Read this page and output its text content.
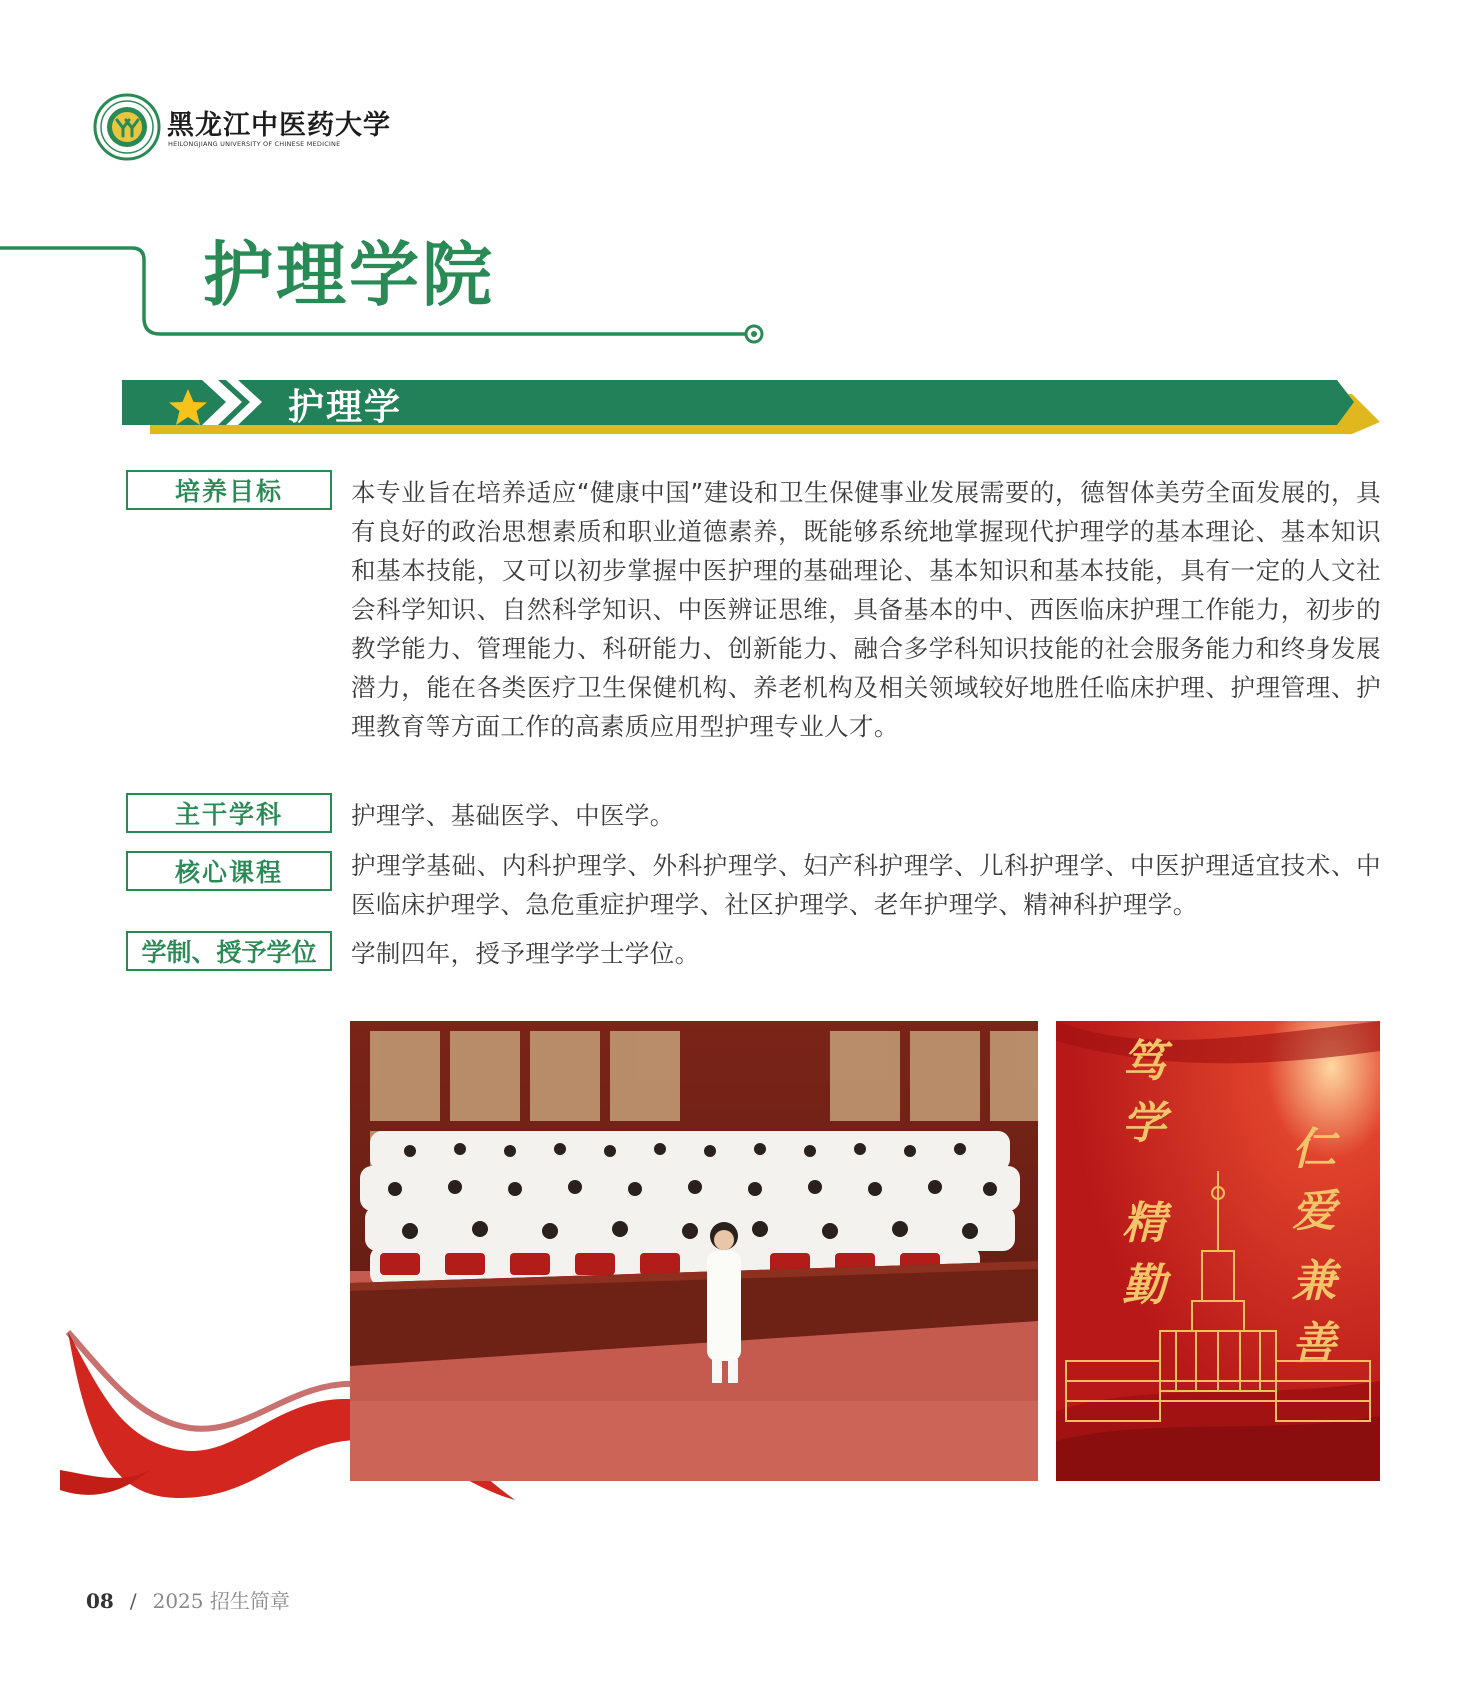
黑龙江中医药大学
HEILONGJIANG UNIVERSITY OF CHINESE MEDICINE
护理学院
护理学
培养目标	本专业旨在培养适应“健康中国”建设和卫生保健事业发展需要的，德智体美劳全面发展的，具有良好的政治思想素质和职业道德素养，既能够系统地掌握现代护理学的基本理论、基本知识和基本技能，又可以初步掌握中医护理的基础理论、基本知识和基本技能，具有一定的人文社会科学知识、自然科学知识、中医辨证思维，具备基本的中、西医临床护理工作能力，初步的教学能力、管理能力、科研能力、创新能力、融合多学科知识技能的社会服务能力和终身发展潜力，能在各类医疗卫生保健机构、养老机构及相关领域较好地胜任临床护理、护理管理、护理教育等方面工作的高素质应用型护理专业人才。
主干学科	护理学、基础医学、中医学。
核心课程	护理学基础、内科护理学、外科护理学、妇产科护理学、儿科护理学、中医护理适宜技术、中医临床护理学、急危重症护理学、社区护理学、老年护理学、精神科护理学。
学制、授予学位	学制四年，授予理学学士学位。
笃学
精勤
仁爱
兼善
08 / 2025 招生简章
